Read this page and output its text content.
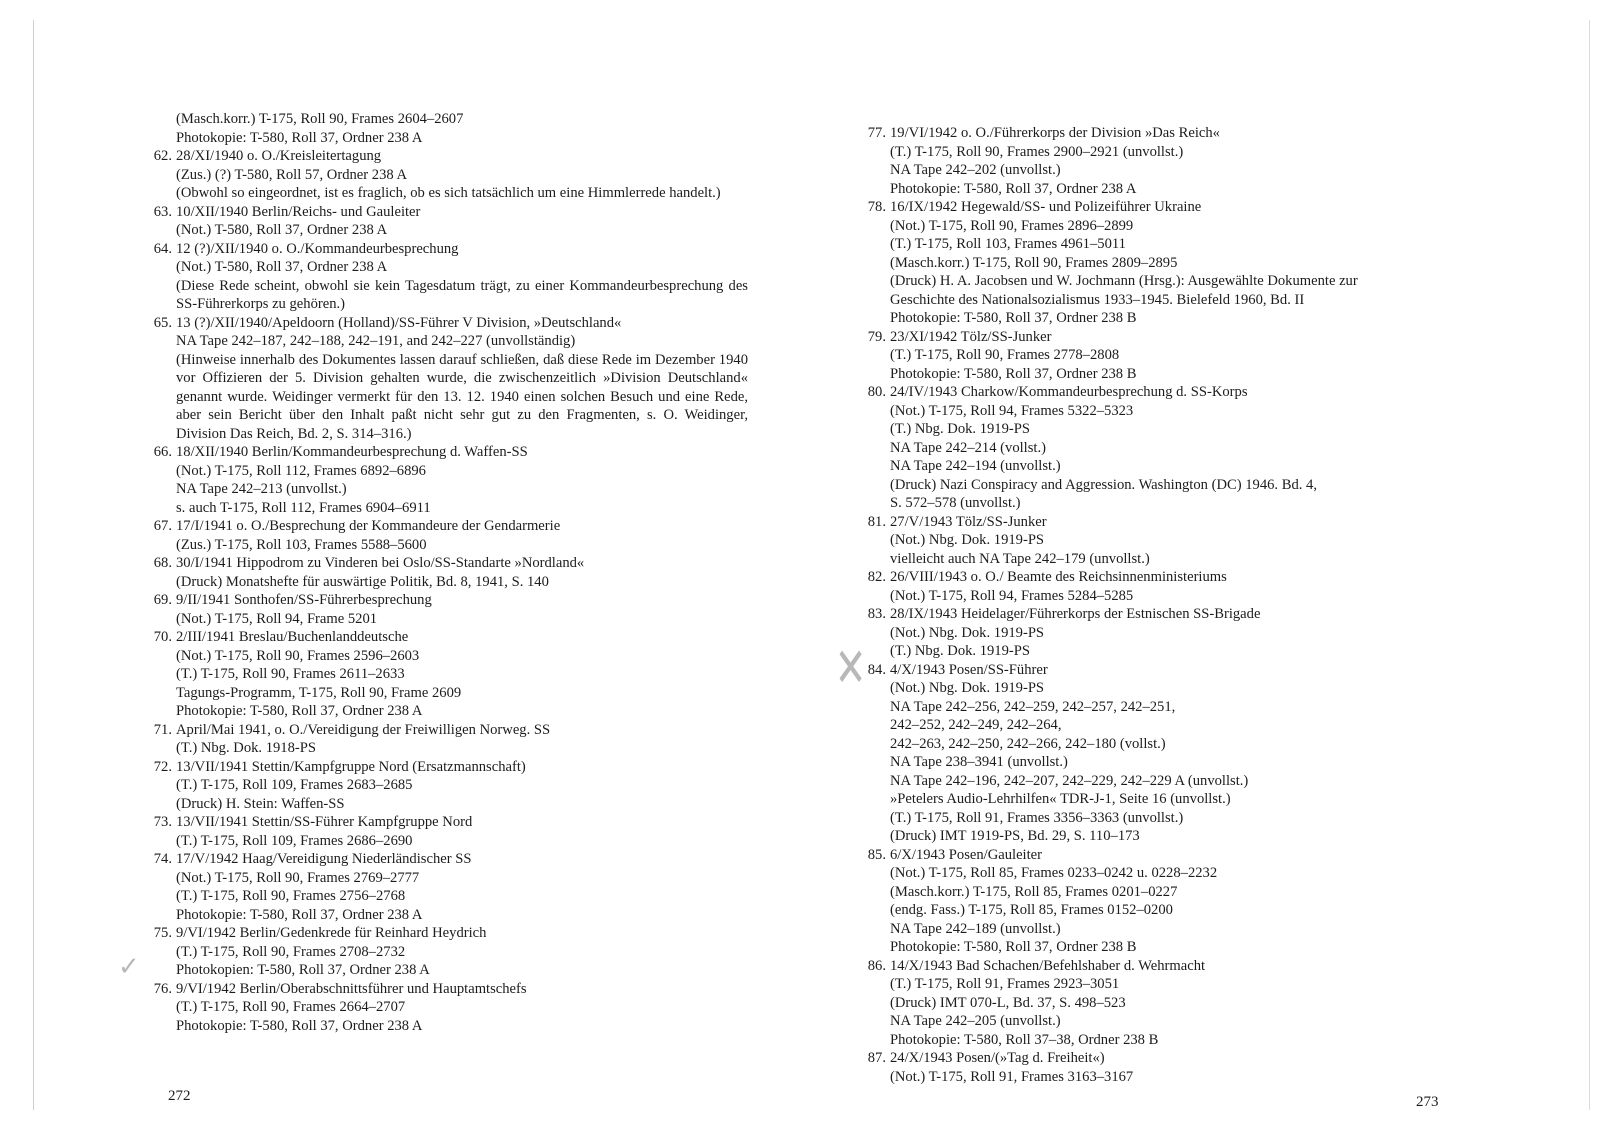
✕
✓
(Masch.korr.) T-175, Roll 90, Frames 2604–2607
Photokopie: T-580, Roll 37, Ordner 238 A
62. 28/XI/1940 o. O./Kreisleitertagung
(Zus.) (?) T-580, Roll 57, Ordner 238 A
(Obwohl so eingeordnet, ist es fraglich, ob es sich tatsächlich um eine Himmlerrede handelt.)
63. 10/XII/1940 Berlin/Reichs- und Gauleiter
(Not.) T-580, Roll 37, Ordner 238 A
64. 12 (?)/XII/1940 o. O./Kommandeurbesprechung
(Not.) T-580, Roll 37, Ordner 238 A
(Diese Rede scheint, obwohl sie kein Tagesdatum trägt, zu einer Kommandeurbesprechung des SS-Führerkorps zu gehören.)
65. 13 (?)/XII/1940/Apeldoorn (Holland)/SS-Führer V Division, »Deutschland«
NA Tape 242–187, 242–188, 242–191, and 242–227 (unvollständig)
(Hinweise innerhalb des Dokumentes lassen darauf schließen, daß diese Rede im Dezember 1940 vor Offizieren der 5. Division gehalten wurde, die zwischenzeitlich »Division Deutschland« genannt wurde. Weidinger vermerkt für den 13. 12. 1940 einen solchen Besuch und eine Rede, aber sein Bericht über den Inhalt paßt nicht sehr gut zu den Fragmenten, s. O. Weidinger, Division Das Reich, Bd. 2, S. 314–316.)
66. 18/XII/1940 Berlin/Kommandeurbesprechung d. Waffen-SS
(Not.) T-175, Roll 112, Frames 6892–6896
NA Tape 242–213 (unvollst.)
s. auch T-175, Roll 112, Frames 6904–6911
67. 17/I/1941 o. O./Besprechung der Kommandeure der Gendarmerie
(Zus.) T-175, Roll 103, Frames 5588–5600
68. 30/I/1941 Hippodrom zu Vinderen bei Oslo/SS-Standarte »Nordland«
(Druck) Monatshefte für auswärtige Politik, Bd. 8, 1941, S. 140
69. 9/II/1941 Sonthofen/SS-Führerbesprechung
(Not.) T-175, Roll 94, Frame 5201
70. 2/III/1941 Breslau/Buchenlanddeutsche
(Not.) T-175, Roll 90, Frames 2596–2603
(T.) T-175, Roll 90, Frames 2611–2633
Tagungs-Programm, T-175, Roll 90, Frame 2609
Photokopie: T-580, Roll 37, Ordner 238 A
71. April/Mai 1941, o. O./Vereidigung der Freiwilligen Norweg. SS
(T.) Nbg. Dok. 1918-PS
72. 13/VII/1941 Stettin/Kampfgruppe Nord (Ersatzmannschaft)
(T.) T-175, Roll 109, Frames 2683–2685
(Druck) H. Stein: Waffen-SS
73. 13/VII/1941 Stettin/SS-Führer Kampfgruppe Nord
(T.) T-175, Roll 109, Frames 2686–2690
74. 17/V/1942 Haag/Vereidigung Niederländischer SS
(Not.) T-175, Roll 90, Frames 2769–2777
(T.) T-175, Roll 90, Frames 2756–2768
Photokopie: T-580, Roll 37, Ordner 238 A
75. 9/VI/1942 Berlin/Gedenkrede für Reinhard Heydrich
(T.) T-175, Roll 90, Frames 2708–2732
Photokopien: T-580, Roll 37, Ordner 238 A
76. 9/VI/1942 Berlin/Oberabschnittsführer und Hauptamtschefs
(T.) T-175, Roll 90, Frames 2664–2707
Photokopie: T-580, Roll 37, Ordner 238 A
77. 19/VI/1942 o. O./Führerkorps der Division »Das Reich«
(T.) T-175, Roll 90, Frames 2900–2921 (unvollst.)
NA Tape 242–202 (unvollst.)
Photokopie: T-580, Roll 37, Ordner 238 A
78. 16/IX/1942 Hegewald/SS- und Polizeiführer Ukraine
(Not.) T-175, Roll 90, Frames 2896–2899
(T.) T-175, Roll 103, Frames 4961–5011
(Masch.korr.) T-175, Roll 90, Frames 2809–2895
(Druck) H. A. Jacobsen und W. Jochmann (Hrsg.): Ausgewählte Dokumente zur
Geschichte des Nationalsozialismus 1933–1945. Bielefeld 1960, Bd. II
Photokopie: T-580, Roll 37, Ordner 238 B
79. 23/XI/1942 Tölz/SS-Junker
(T.) T-175, Roll 90, Frames 2778–2808
Photokopie: T-580, Roll 37, Ordner 238 B
80. 24/IV/1943 Charkow/Kommandeurbesprechung d. SS-Korps
(Not.) T-175, Roll 94, Frames 5322–5323
(T.) Nbg. Dok. 1919-PS
NA Tape 242–214 (vollst.)
NA Tape 242–194 (unvollst.)
(Druck) Nazi Conspiracy and Aggression. Washington (DC) 1946. Bd. 4,
S. 572–578 (unvollst.)
81. 27/V/1943 Tölz/SS-Junker
(Not.) Nbg. Dok. 1919-PS
vielleicht auch NA Tape 242–179 (unvollst.)
82. 26/VIII/1943 o. O./ Beamte des Reichsinnenministeriums
(Not.) T-175, Roll 94, Frames 5284–5285
83. 28/IX/1943 Heidelager/Führerkorps der Estnischen SS-Brigade
(Not.) Nbg. Dok. 1919-PS
(T.) Nbg. Dok. 1919-PS
84. 4/X/1943 Posen/SS-Führer
(Not.) Nbg. Dok. 1919-PS
NA Tape 242–256, 242–259, 242–257, 242–251,
242–252, 242–249, 242–264,
242–263, 242–250, 242–266, 242–180 (vollst.)
NA Tape 238–3941 (unvollst.)
NA Tape 242–196, 242–207, 242–229, 242–229 A (unvollst.)
»Petelers Audio-Lehrhilfen« TDR-J-1, Seite 16 (unvollst.)
(T.) T-175, Roll 91, Frames 3356–3363 (unvollst.)
(Druck) IMT 1919-PS, Bd. 29, S. 110–173
85. 6/X/1943 Posen/Gauleiter
(Not.) T-175, Roll 85, Frames 0233–0242 u. 0228–2232
(Masch.korr.) T-175, Roll 85, Frames 0201–0227
(endg. Fass.) T-175, Roll 85, Frames 0152–0200
NA Tape 242–189 (unvollst.)
Photokopie: T-580, Roll 37, Ordner 238 B
86. 14/X/1943 Bad Schachen/Befehlshaber d. Wehrmacht
(T.) T-175, Roll 91, Frames 2923–3051
(Druck) IMT 070-L, Bd. 37, S. 498–523
NA Tape 242–205 (unvollst.)
Photokopie: T-580, Roll 37–38, Ordner 238 B
87. 24/X/1943 Posen/(»Tag d. Freiheit«)
(Not.) T-175, Roll 91, Frames 3163–3167
272	273
